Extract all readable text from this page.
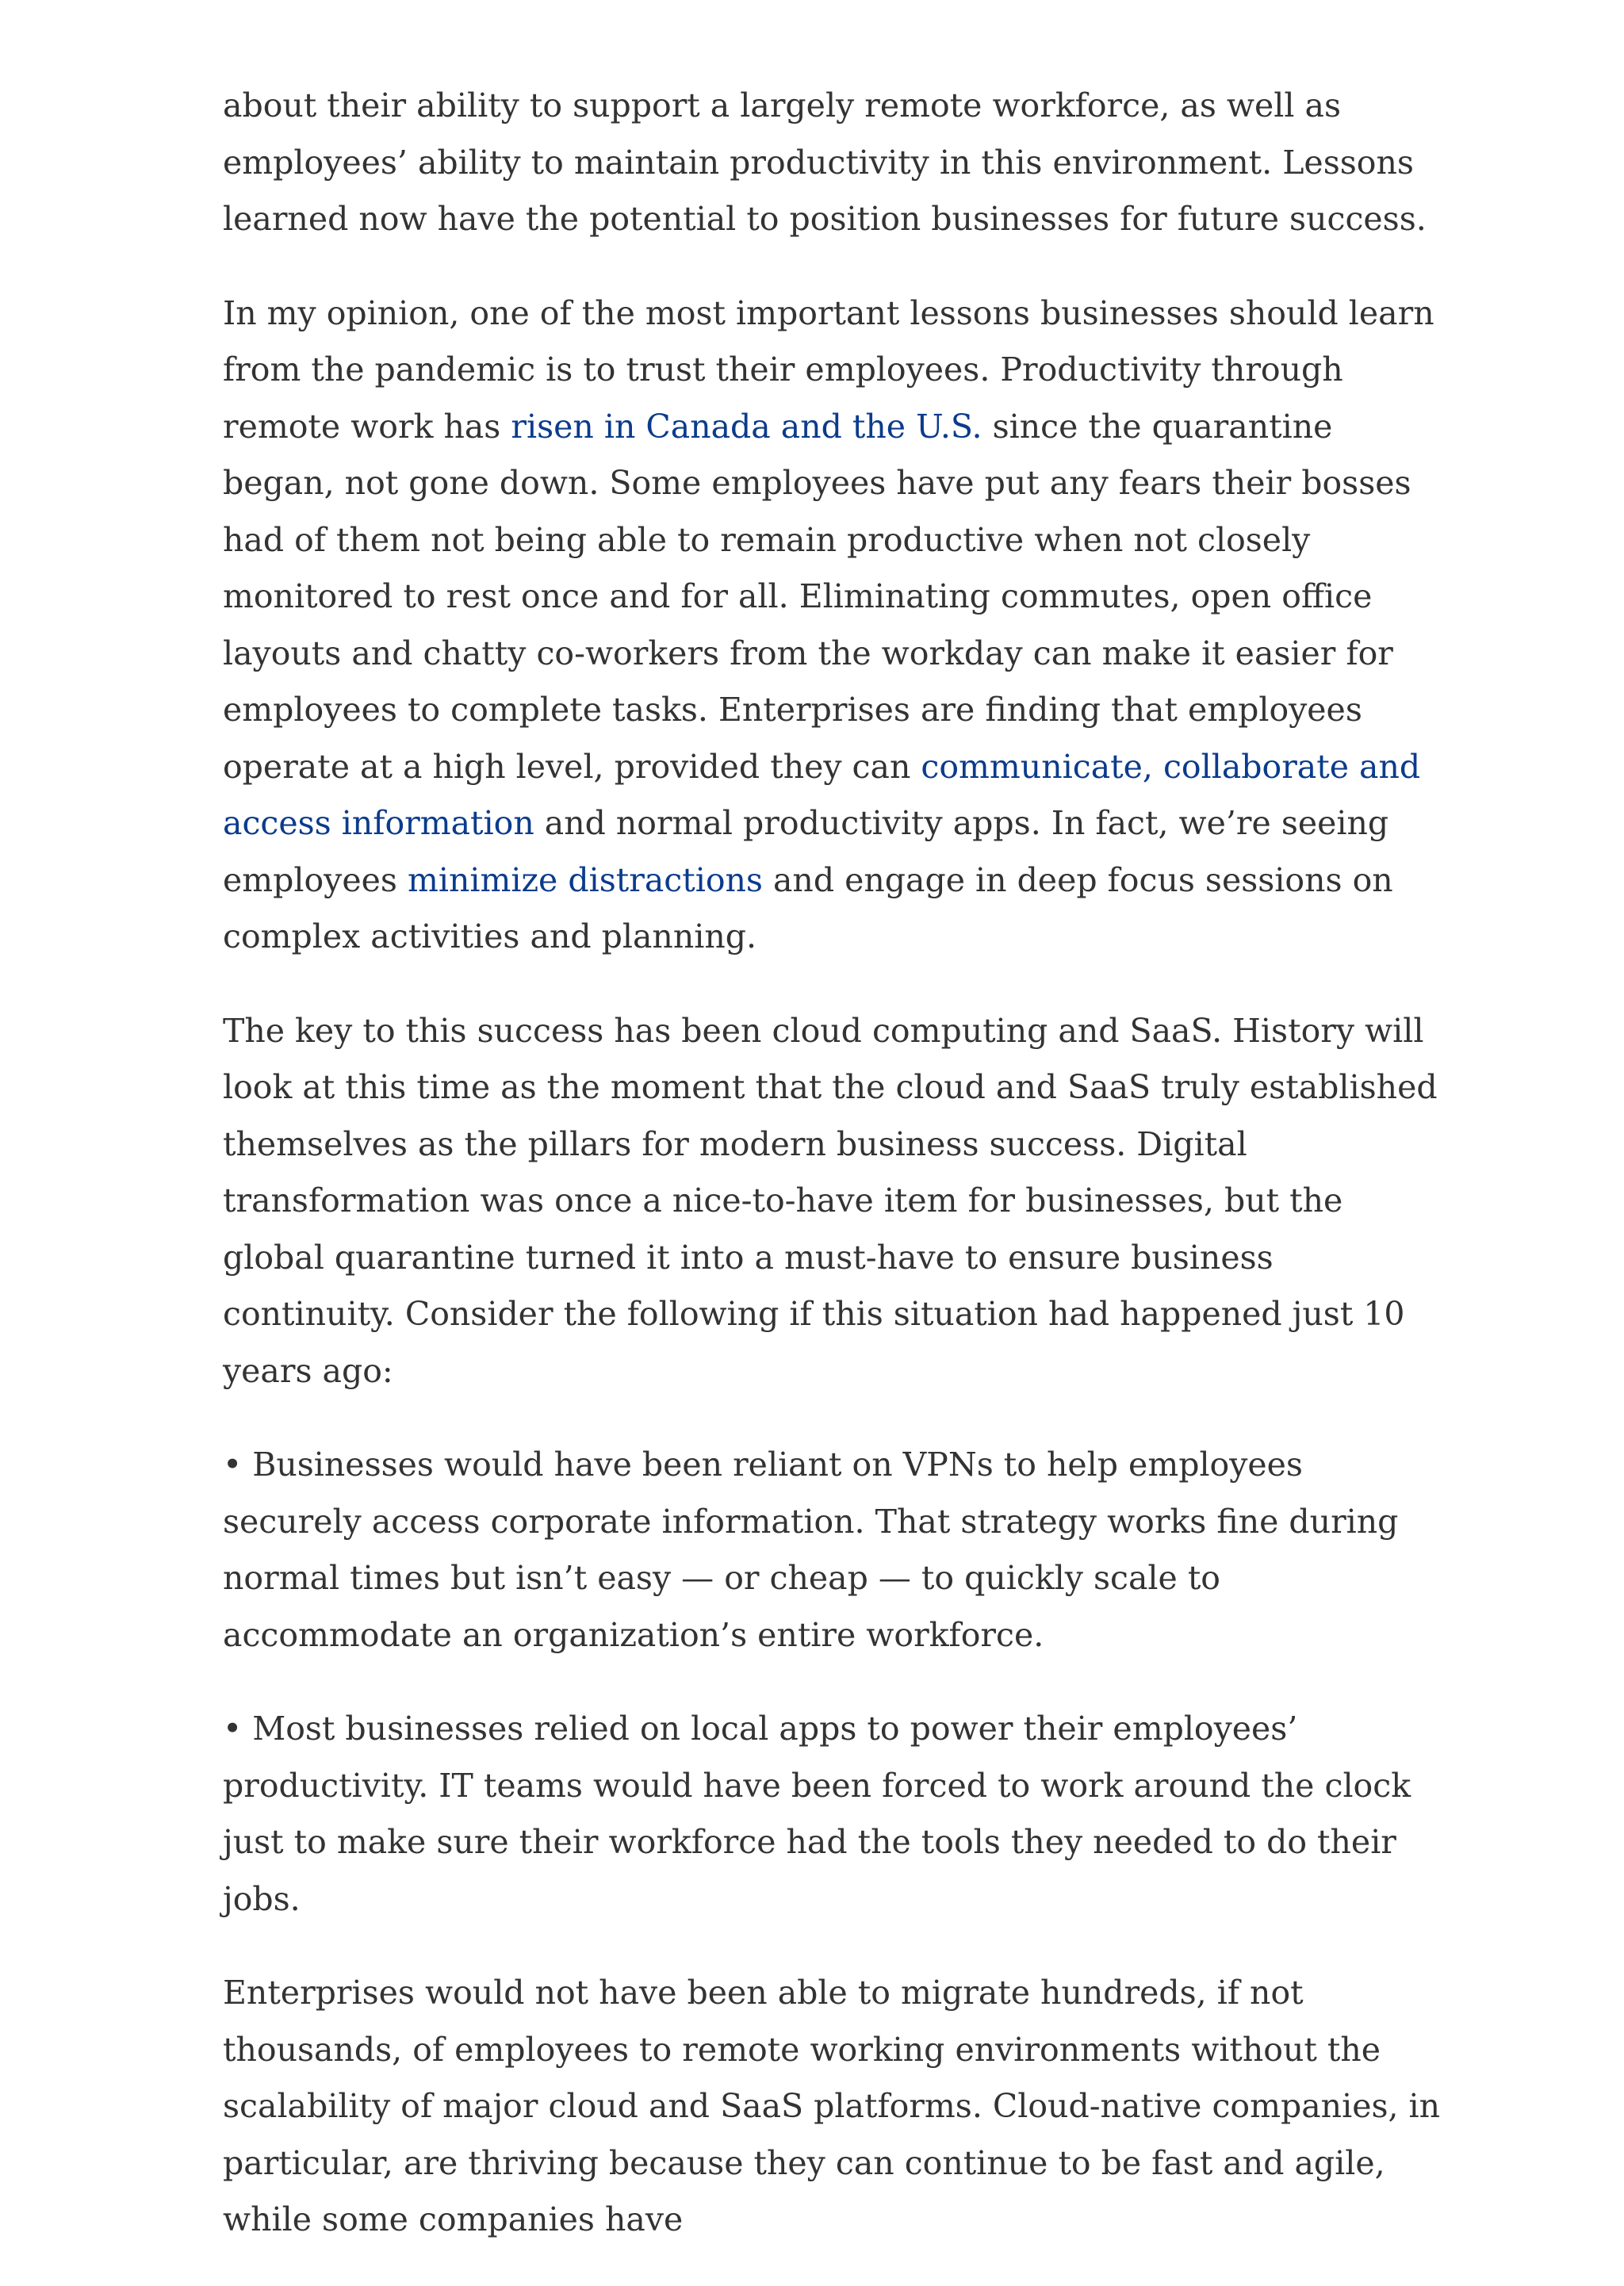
about their ability to support a largely remote workforce, as well as employees’ ability to maintain productivity in this environment. Lessons learned now have the potential to position businesses for future success.

In my opinion, one of the most important lessons businesses should learn from the pandemic is to trust their employees. Productivity through remote work has risen in Canada and the U.S. since the quarantine began, not gone down. Some employees have put any fears their bosses had of them not being able to remain productive when not closely monitored to rest once and for all. Eliminating commutes, open office layouts and chatty co-workers from the workday can make it easier for employees to complete tasks. Enterprises are finding that employees operate at a high level, provided they can communicate, collaborate and access information and normal productivity apps. In fact, we’re seeing employees minimize distractions and engage in deep focus sessions on complex activities and planning.

The key to this success has been cloud computing and SaaS. History will look at this time as the moment that the cloud and SaaS truly established themselves as the pillars for modern business success. Digital transformation was once a nice-to-have item for businesses, but the global quarantine turned it into a must-have to ensure business continuity. Consider the following if this situation had happened just 10 years ago:

• Businesses would have been reliant on VPNs to help employees securely access corporate information. That strategy works fine during normal times but isn’t easy — or cheap — to quickly scale to accommodate an organization’s entire workforce.

• Most businesses relied on local apps to power their employees’ productivity. IT teams would have been forced to work around the clock just to make sure their workforce had the tools they needed to do their jobs.

Enterprises would not have been able to migrate hundreds, if not thousands, of employees to remote working environments without the scalability of major cloud and SaaS platforms. Cloud-native companies, in particular, are thriving because they can continue to be fast and agile, while some companies have
